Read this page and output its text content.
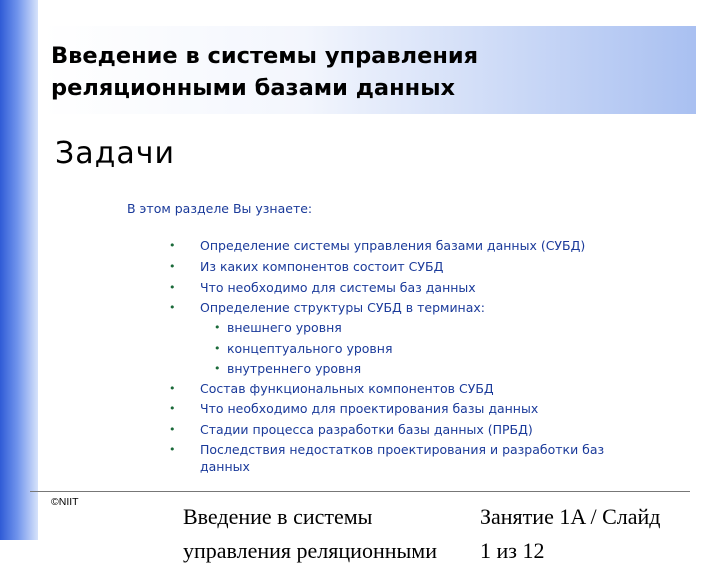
Введение в системы управления
реляционными базами данных
Задачи
В этом разделе Вы узнаете:
• Определение системы управления базами данных (СУБД)
• Из каких компонентов состоит СУБД
• Что необходимо для системы баз данных
• Определение структуры СУБД в терминах:
• внешнего уровня
• концептуального уровня
• внутреннего уровня
• Состав функциональных компонентов СУБД
• Что необходимо для проектирования базы данных
• Стадии процесса разработки базы данных (ПРБД)
• Последствия недостатков проектирования и разработки баз
данных
©NIIT
Введение в системы
управления реляционными
Занятие 1A / Слайд
1 из 12
